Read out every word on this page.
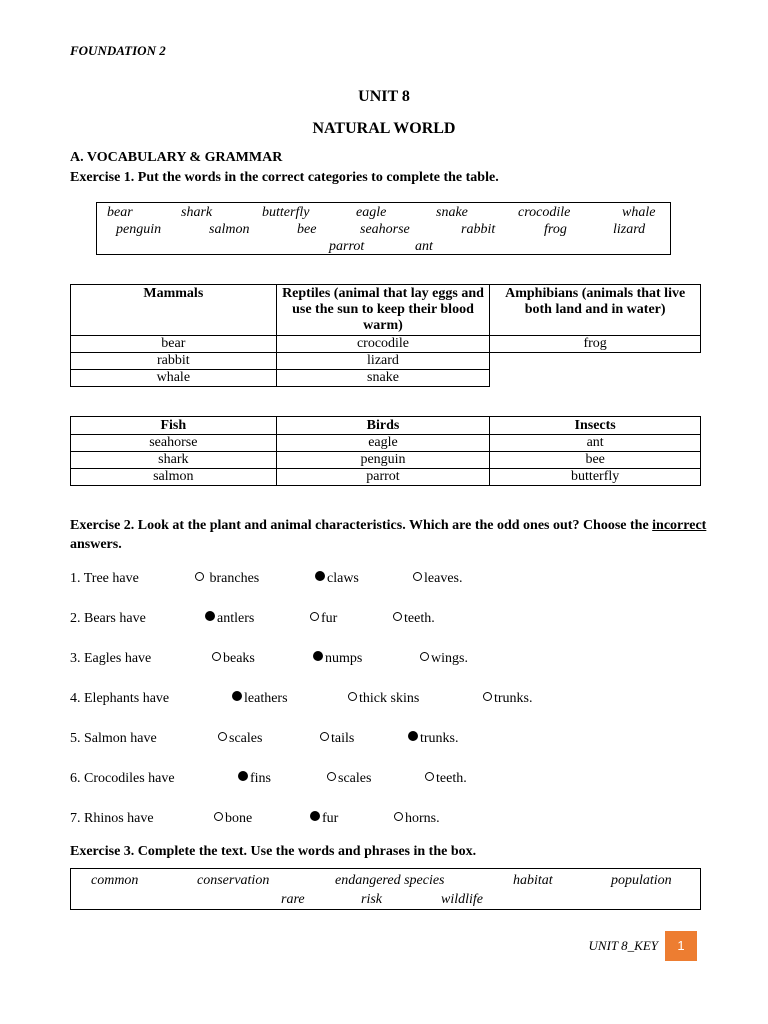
FOUNDATION 2
UNIT 8
NATURAL WORLD
A. VOCABULARY & GRAMMAR
Exercise 1. Put the words in the correct categories to complete the table.
bear	shark	butterfly	eagle	snake	crocodile	whale
penguin	salmon	bee	seahorse	rabbit	frog	lizard
parrot	ant
Mammals	Reptiles (animal that lay eggs and use the sun to keep their blood warm)	Amphibians (animals that live both land and in water)
bear	crocodile	frog
rabbit	lizard	
whale	snake	
Fish	Birds	Insects
seahorse	eagle	ant
shark	penguin	bee
salmon	parrot	butterfly
Exercise 2. Look at the plant and animal characteristics. Which are the odd ones out? Choose the incorrect answers.
1. Tree have	branches	claws	leaves.
2. Bears have	antlers	fur	teeth.
3. Eagles have	beaks	numps	wings.
4. Elephants have	leathers	thick skins	trunks.
5. Salmon have	scales	tails	trunks.
6. Crocodiles have	fins	scales	teeth.
7. Rhinos have	bone	fur	horns.
Exercise 3. Complete the text. Use the words and phrases in the box.
common	conservation	endangered species	habitat	population
rare	risk	wildlife
UNIT 8_KEY	1
